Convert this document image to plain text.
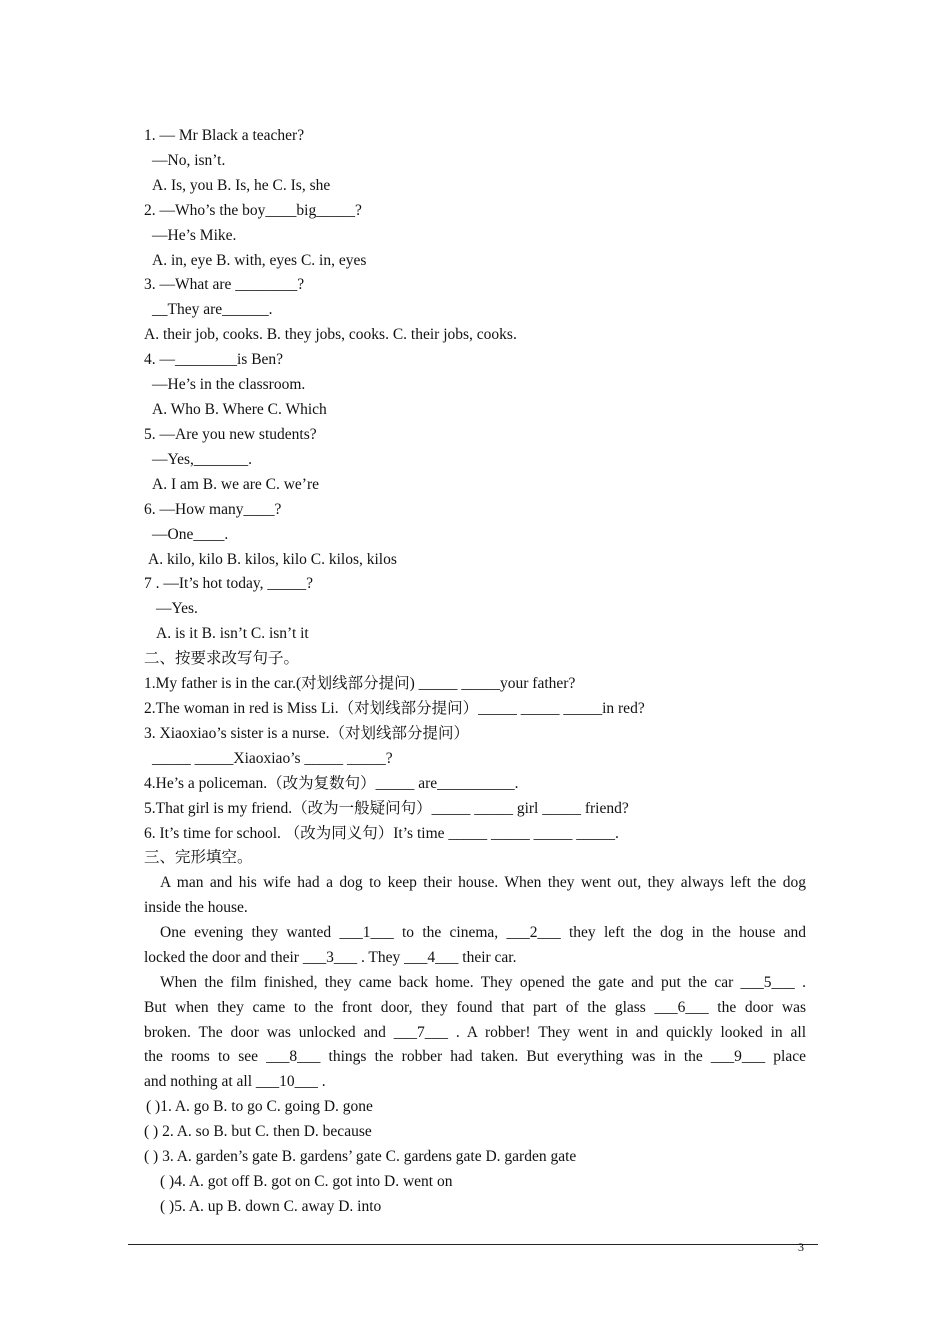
1. — Mr Black a teacher?
—No, isn’t.
A. Is, you B. Is, he C. Is, she
2. —Who’s the boy____big_____?
—He’s Mike.
A. in, eye B. with, eyes C. in, eyes
3. —What are ________?
__They are______.
A. their job, cooks. B. they jobs, cooks. C. their jobs, cooks.
4. —________is Ben?
—He’s in the classroom.
A. Who B. Where C. Which
5. —Are you new students?
—Yes,_______.
A. I am B. we are C. we’re
6. —How many____?
—One____.
A. kilo, kilo B. kilos, kilo C. kilos, kilos
7 . —It’s hot today, _____?
—Yes.
A. is it B. isn’t C. isn’t it
二、按要求改写句子。
1.My father is in the car.(对划线部分提问) _____ _____your father?
2.The woman in red is Miss Li.（对划线部分提问）_____ _____ _____in red?
3. Xiaoxiao’s sister is a nurse.（对划线部分提问）
_____ _____Xiaoxiao’s _____ _____?
4.He’s a policeman.（改为复数句）_____ are__________.
5.That girl is my friend.（改为一般疑问句）_____ _____ girl _____ friend?
6. It’s time for school. （改为同义句）It’s time _____ _____ _____ _____.
三、完形填空。
A man and his wife had a dog to keep their house. When they went out, they always left the dog
inside the house.
One evening they wanted ___1___ to the cinema, ___2___ they left the dog in the house and
locked the door and their ___3___ . They ___4___ their car.
When the film finished, they came back home. They opened the gate and put the car ___5___ .
But when they came to the front door, they found that part of the glass ___6___ the door was
broken. The door was unlocked and ___7___ . A robber! They went in and quickly looked in all
the rooms to see ___8___ things the robber had taken. But everything was in the ___9___ place
and nothing at all ___10___ .
( )1. A. go B. to go C. going D. gone
( ) 2. A. so B. but C. then D. because
( ) 3. A. garden’s gate B. gardens’ gate C. gardens gate D. garden gate
( )4. A. got off B. got on C. got into D. went on
( )5. A. up B. down C. away D. into
3
